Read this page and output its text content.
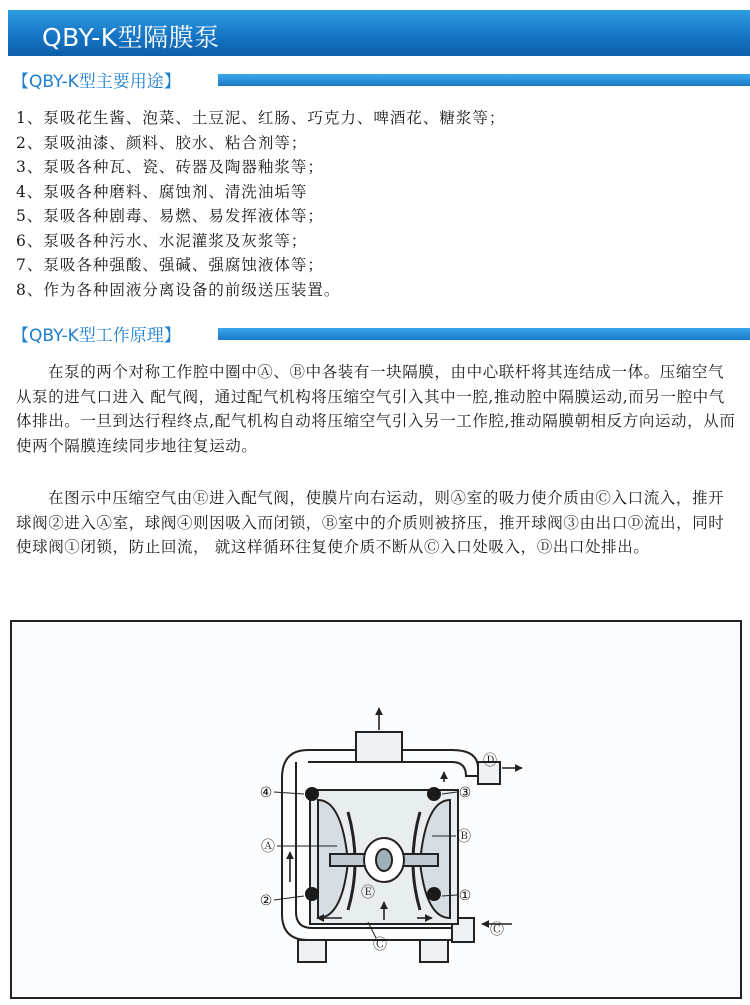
QBY-K型隔膜泵
【QBY-K型主要用途】
1、泵吸花生酱、泡菜、土豆泥、红肠、巧克力、啤酒花、糖浆等；
2、泵吸油漆、颜料、胶水、粘合剂等；
3、泵吸各种瓦、瓷、砖器及陶器釉浆等；
4、泵吸各种磨料、腐蚀剂、清洗油垢等
5、泵吸各种剧毒、易燃、易发挥液体等；
6、泵吸各种污水、水泥灌浆及灰浆等；
7、泵吸各种强酸、强碱、强腐蚀液体等；
8、作为各种固液分离设备的前级送压装置。
【QBY-K型工作原理】

在泵的两个对称工作腔中圈中Ⓐ、Ⓑ中各装有一块隔膜，由中心联杆将其连结成一体。压缩空气从泵的进气口进入 配气阀，通过配气机构将压缩空气引入其中一腔,推动腔中隔膜运动,而另一腔中气体排出。一旦到达行程终点,配气机构自动将压缩空气引入另一工作腔,推动隔膜朝相反方向运动，从而使两个隔膜连续同步地往复运动。

在图示中压缩空气由Ⓔ进入配气阀，使膜片向右运动，则Ⓐ室的吸力使介质由Ⓒ入口流入，推开球阀②进入Ⓐ室，球阀④则因吸入而闭锁，Ⓑ室中的介质则被挤压，推开球阀③由出口Ⓓ流出，同时使球阀①闭锁，防止回流， 就这样循环往复使介质不断从Ⓒ入口处吸入，Ⓓ出口处排出。

④
②
Ⓐ
③
①
Ⓑ
Ⓓ
Ⓒ
Ⓒ
Ⓔ
